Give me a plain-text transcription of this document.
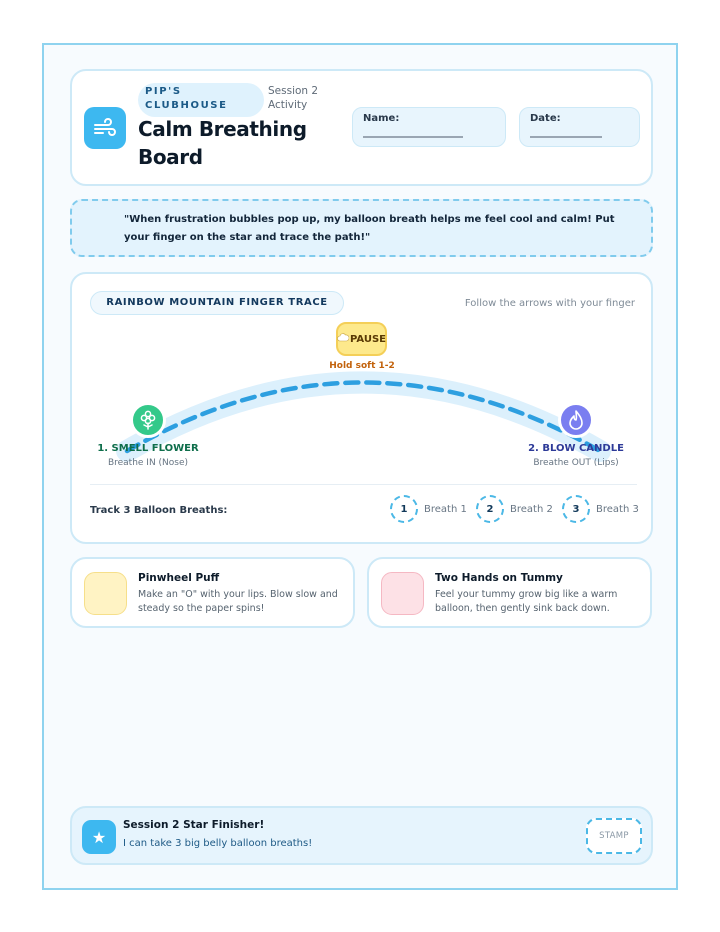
PIP'S CLUBHOUSE
Session 2 Activity
Calm Breathing Board
Name:	Date:
"When frustration bubbles pop up, my balloon breath helps me feel cool and calm! Put your finger on the star and trace the path!"
RAINBOW MOUNTAIN FINGER TRACE	Follow the arrows with your finger
PAUSE
Hold soft 1-2
1. SMELL FLOWER
Breathe IN (Nose)
2. BLOW CANDLE
Breathe OUT (Lips)
Track 3 Balloon Breaths:	1	Breath 1	2	Breath 2	3	Breath 3
Pinwheel Puff
Make an "O" with your lips. Blow slow and steady so the paper spins!
Two Hands on Tummy
Feel your tummy grow big like a warm balloon, then gently sink back down.
★
Session 2 Star Finisher!
I can take 3 big belly balloon breaths!
STAMP
